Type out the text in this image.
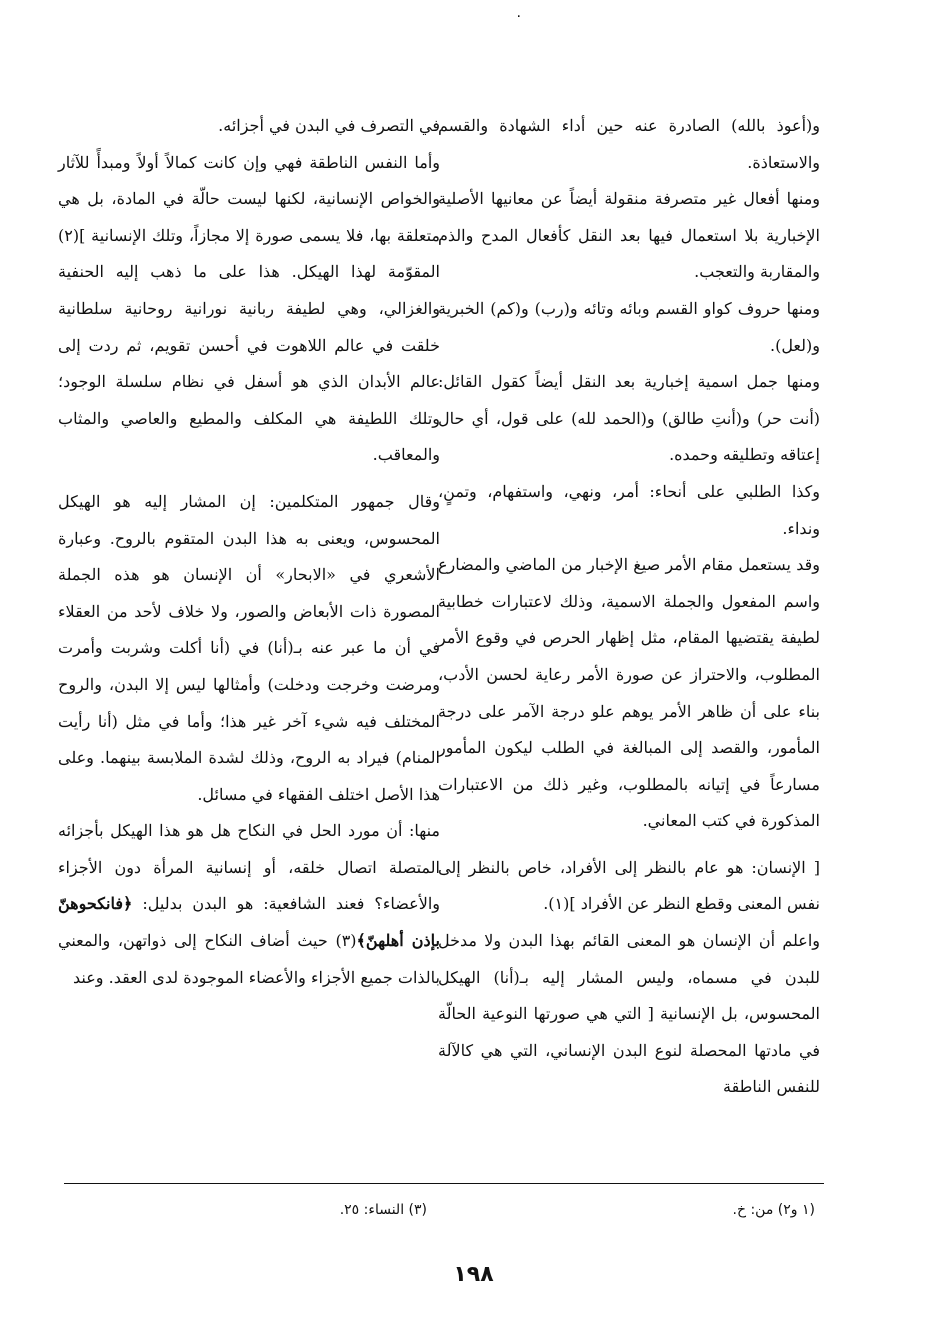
٠

و(أعوذ بالله) الصادرة عنه حين أداء الشهادة والقسم والاستعاذة.

ومنها أفعال غير متصرفة منقولة أيضاً عن معانيها الأصلية الإخبارية بلا استعمال فيها بعد النقل كأفعال المدح والذم والمقاربة والتعجب.

ومنها حروف كواو القسم وبائه وتائه و(رب) و(كم) الخبرية و(لعل).

ومنها جمل اسمية إخبارية بعد النقل أيضاً كقول القائل: (أنت حر) و(أنتِ طالق) و(الحمد لله) على قول، أي حال إعتاقه وتطليقه وحمده.

وكذا الطلبي على أنحاء: أمر، ونهي، واستفهام، وتمنٍ، ونداء.

وقد يستعمل مقام الأمر صيغ الإخبار من الماضي والمضارع واسم المفعول والجملة الاسمية، وذلك لاعتبارات خطابية لطيفة يقتضيها المقام، مثل إظهار الحرص في وقوع الأمر المطلوب، والاحتراز عن صورة الأمر رعاية لحسن الأدب، بناء على أن ظاهر الأمر يوهم علو درجة الآمر على درجة المأمور، والقصد إلى المبالغة في الطلب ليكون المأمور مسارعاً في إتيانه بالمطلوب، وغير ذلك من الاعتبارات المذكورة في كتب المعاني.

[ الإنسان: هو عام بالنظر إلى الأفراد، خاص بالنظر إلى نفس المعنى وقطع النظر عن الأفراد ](١).

واعلم أن الإنسان هو المعنى القائم بهذا البدن ولا مدخل للبدن في مسماه، وليس المشار إليه بـ(أنا) الهيكل المحسوس، بل الإنسانية [ التي هي صورتها النوعية الحالّة في مادتها المحصلة لنوع البدن الإنساني، التي هي كالآلة للنفس الناطقة

في التصرف في البدن في أجزائه.

وأما النفس الناطقة فهي وإن كانت كمالاً أولاً ومبدأً للآثار والخواص الإنسانية، لكنها ليست حالّة في المادة، بل هي متعلقة بها، فلا يسمى صورة إلا مجازاً، وتلك الإنسانية ](٢) المقوّمة لهذا الهيكل. هذا على ما ذهب إليه الحنفية والغزالي، وهي لطيفة ربانية نورانية روحانية سلطانية خلقت في عالم اللاهوت في أحسن تقويم، ثم ردت إلى عالم الأبدان الذي هو أسفل في نظام سلسلة الوجود؛ وتلك اللطيفة هي المكلف والمطيع والعاصي والمثاب والمعاقب.

وقال جمهور المتكلمين: إن المشار إليه هو الهيكل المحسوس، ويعنى به هذا البدن المتقوم بالروح. وعبارة الأشعري في «الابحار» أن الإنسان هو هذه الجملة المصورة ذات الأبعاض والصور، ولا خلاف لأحد من العقلاء في أن ما عبر عنه بـ(أنا) في (أنا أكلت وشربت وأمرت ومرضت وخرجت ودخلت) وأمثالها ليس إلا البدن، والروح المختلف فيه شيء آخر غير هذا؛ وأما في مثل (أنا رأيت المنام) فيراد به الروح، وذلك لشدة الملابسة بينهما. وعلى هذا الأصل اختلف الفقهاء في مسائل.

منها: أن مورد الحل في النكاح هل هو هذا الهيكل بأجزائه المتصلة اتصال خلقه، أو إنسانية المرأة دون الأجزاء والأعضاء؟ فعند الشافعية: هو البدن بدليل: ﴿فانكحوهنّ بإذن أهلهنّ﴾(٣) حيث أضاف النكاح إلى ذواتهن، والمعني بالذات جميع الأجزاء والأعضاء الموجودة لدى العقد. وعند

(١ و٢) من: خ.
(٣) النساء: ٢٥.
١٩٨
